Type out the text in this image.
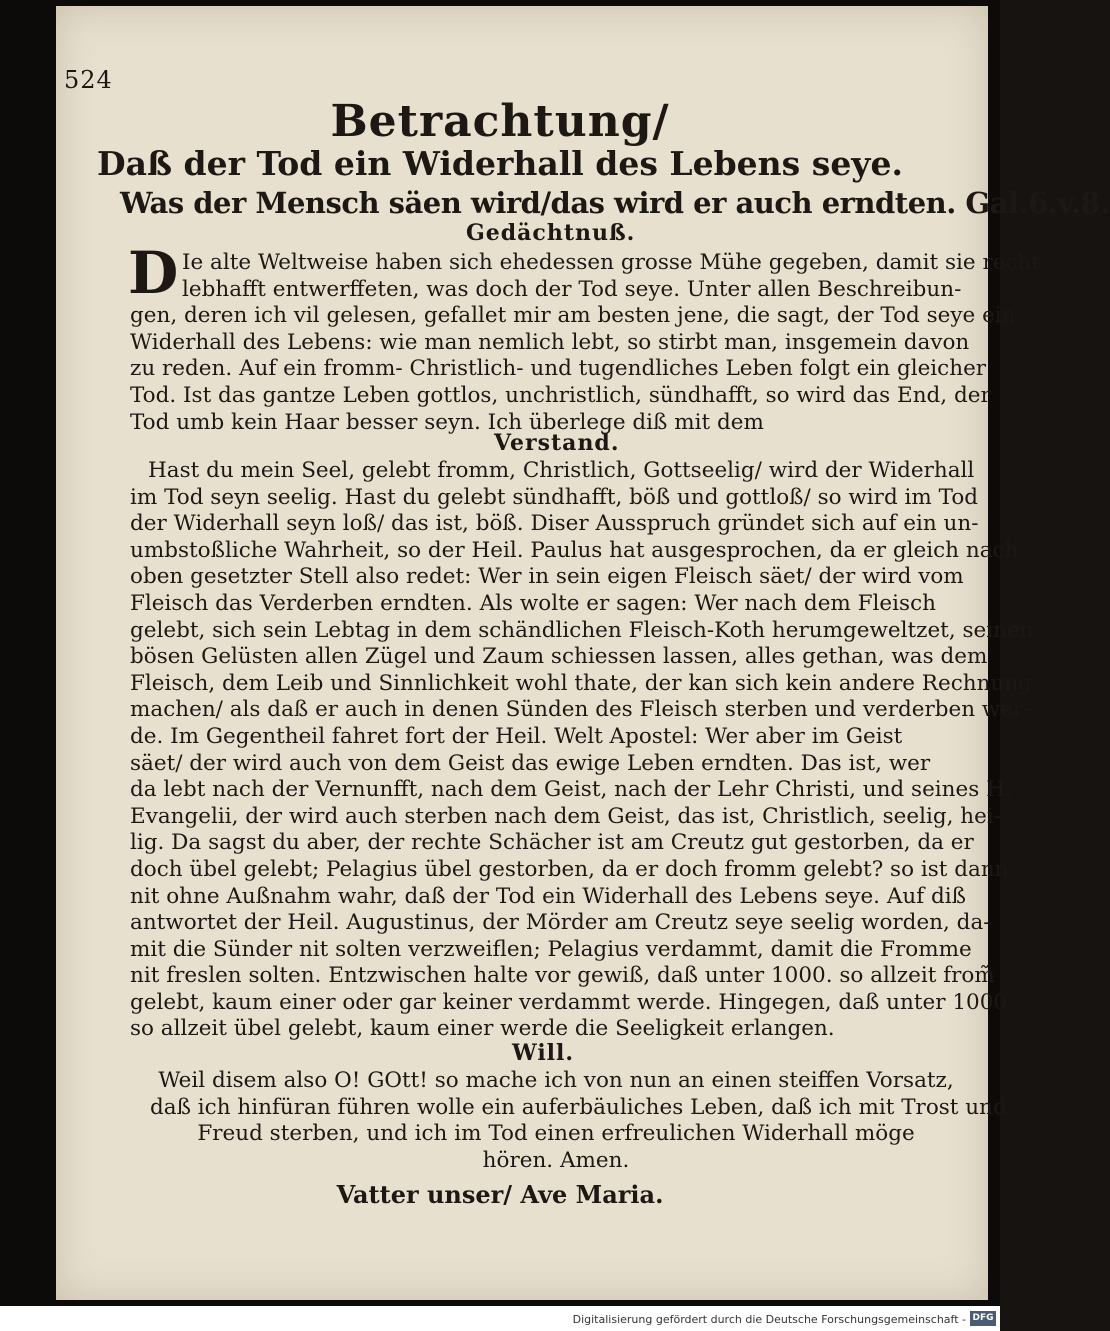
524
Betrachtung/
Daß der Tod ein Widerhall des Lebens seye.
Was der Mensch säen wird/das wird er auch erndten. Gal.6.v.8.
Gedächtnuß.
D Ie alte Weltweise haben sich ehedessen grosse Mühe gegeben, damit sie recht
lebhafft entwerffeten, was doch der Tod seye. Unter allen Beschreibun-
gen, deren ich vil gelesen, gefallet mir am besten jene, die sagt, der Tod seye ein
Widerhall des Lebens: wie man nemlich lebt, so stirbt man, insgemein davon
zu reden. Auf ein fromm- Christlich- und tugendliches Leben folgt ein gleicher
Tod. Ist das gantze Leben gottlos, unchristlich, sündhafft, so wird das End, der
Tod umb kein Haar besser seyn. Ich überlege diß mit dem
Verstand.
Hast du mein Seel, gelebt fromm, Christlich, Gottseelig/ wird der Widerhall
im Tod seyn seelig. Hast du gelebt sündhafft, böß und gottloß/ so wird im Tod
der Widerhall seyn loß/ das ist, böß. Diser Ausspruch gründet sich auf ein un-
umbstoßliche Wahrheit, so der Heil. Paulus hat ausgesprochen, da er gleich nach
oben gesetzter Stell also redet: Wer in sein eigen Fleisch säet/ der wird vom
Fleisch das Verderben erndten. Als wolte er sagen: Wer nach dem Fleisch
gelebt, sich sein Lebtag in dem schändlichen Fleisch-Koth herumgeweltzet, seinen
bösen Gelüsten allen Zügel und Zaum schiessen lassen, alles gethan, was dem
Fleisch, dem Leib und Sinnlichkeit wohl thate, der kan sich kein andere Rechnung
machen/ als daß er auch in denen Sünden des Fleisch sterben und verderben wer-
de. Im Gegentheil fahret fort der Heil. Welt Apostel: Wer aber im Geist
säet/ der wird auch von dem Geist das ewige Leben erndten. Das ist, wer
da lebt nach der Vernunfft, nach dem Geist, nach der Lehr Christi, und seines H.
Evangelii, der wird auch sterben nach dem Geist, das ist, Christlich, seelig, hei-
lig. Da sagst du aber, der rechte Schächer ist am Creutz gut gestorben, da er
doch übel gelebt; Pelagius übel gestorben, da er doch fromm gelebt? so ist dann
nit ohne Außnahm wahr, daß der Tod ein Widerhall des Lebens seye. Auf diß
antwortet der Heil. Augustinus, der Mörder am Creutz seye seelig worden, da-
mit die Sünder nit solten verzweiflen; Pelagius verdammt, damit die Fromme
nit freslen solten. Entzwischen halte vor gewiß, daß unter 1000. so allzeit from̃
gelebt, kaum einer oder gar keiner verdammt werde. Hingegen, daß unter 1000.
so allzeit übel gelebt, kaum einer werde die Seeligkeit erlangen.
Will.
Weil disem also O! GOtt! so mache ich von nun an einen steiffen Vorsatz,
daß ich hinfüran führen wolle ein auferbäuliches Leben, daß ich mit Trost und
Freud sterben, und ich im Tod einen erfreulichen Widerhall möge
hören. Amen.
Vatter unser/ Ave Maria.
Digitalisierung gefördert durch die Deutsche Forschungsgemeinschaft - DFG
